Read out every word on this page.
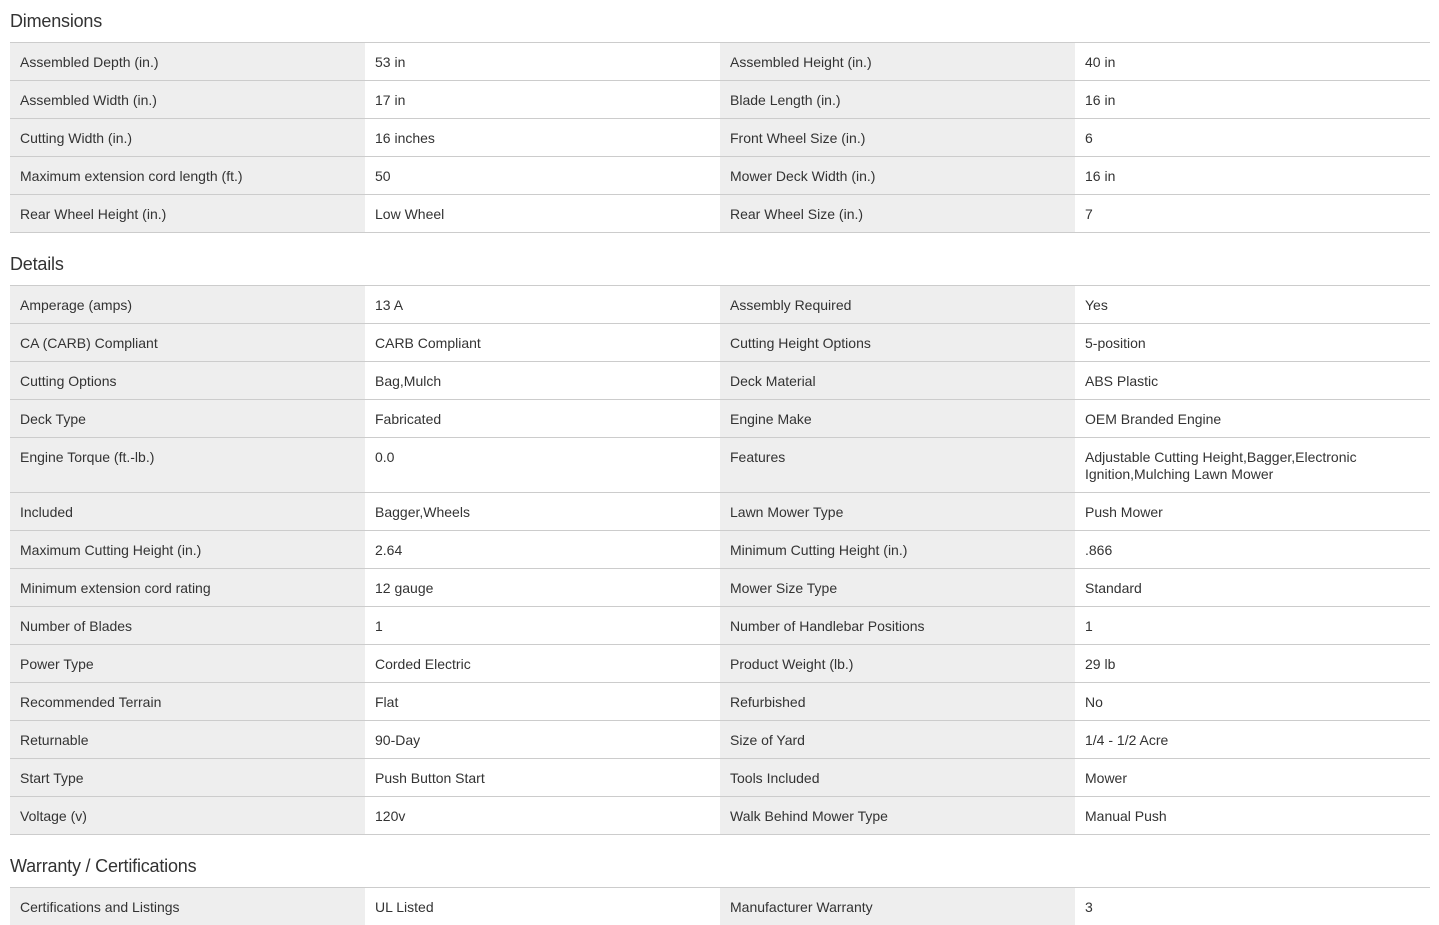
Dimensions
Assembled Depth (in.)	53 in	Assembled Height (in.)	40 in
Assembled Width (in.)	17 in	Blade Length (in.)	16 in
Cutting Width (in.)	16 inches	Front Wheel Size (in.)	6
Maximum extension cord length (ft.)	50	Mower Deck Width (in.)	16 in
Rear Wheel Height (in.)	Low Wheel	Rear Wheel Size (in.)	7
Details
Amperage (amps)	13 A	Assembly Required	Yes
CA (CARB) Compliant	CARB Compliant	Cutting Height Options	5-position
Cutting Options	Bag,Mulch	Deck Material	ABS Plastic
Deck Type	Fabricated	Engine Make	OEM Branded Engine
Engine Torque (ft.-lb.)	0.0	Features	Adjustable Cutting Height,Bagger,Electronic Ignition,Mulching Lawn Mower
Included	Bagger,Wheels	Lawn Mower Type	Push Mower
Maximum Cutting Height (in.)	2.64	Minimum Cutting Height (in.)	.866
Minimum extension cord rating	12 gauge	Mower Size Type	Standard
Number of Blades	1	Number of Handlebar Positions	1
Power Type	Corded Electric	Product Weight (lb.)	29 lb
Recommended Terrain	Flat	Refurbished	No
Returnable	90-Day	Size of Yard	1/4 - 1/2 Acre
Start Type	Push Button Start	Tools Included	Mower
Voltage (v)	120v	Walk Behind Mower Type	Manual Push
Warranty / Certifications
Certifications and Listings	UL Listed	Manufacturer Warranty	3
